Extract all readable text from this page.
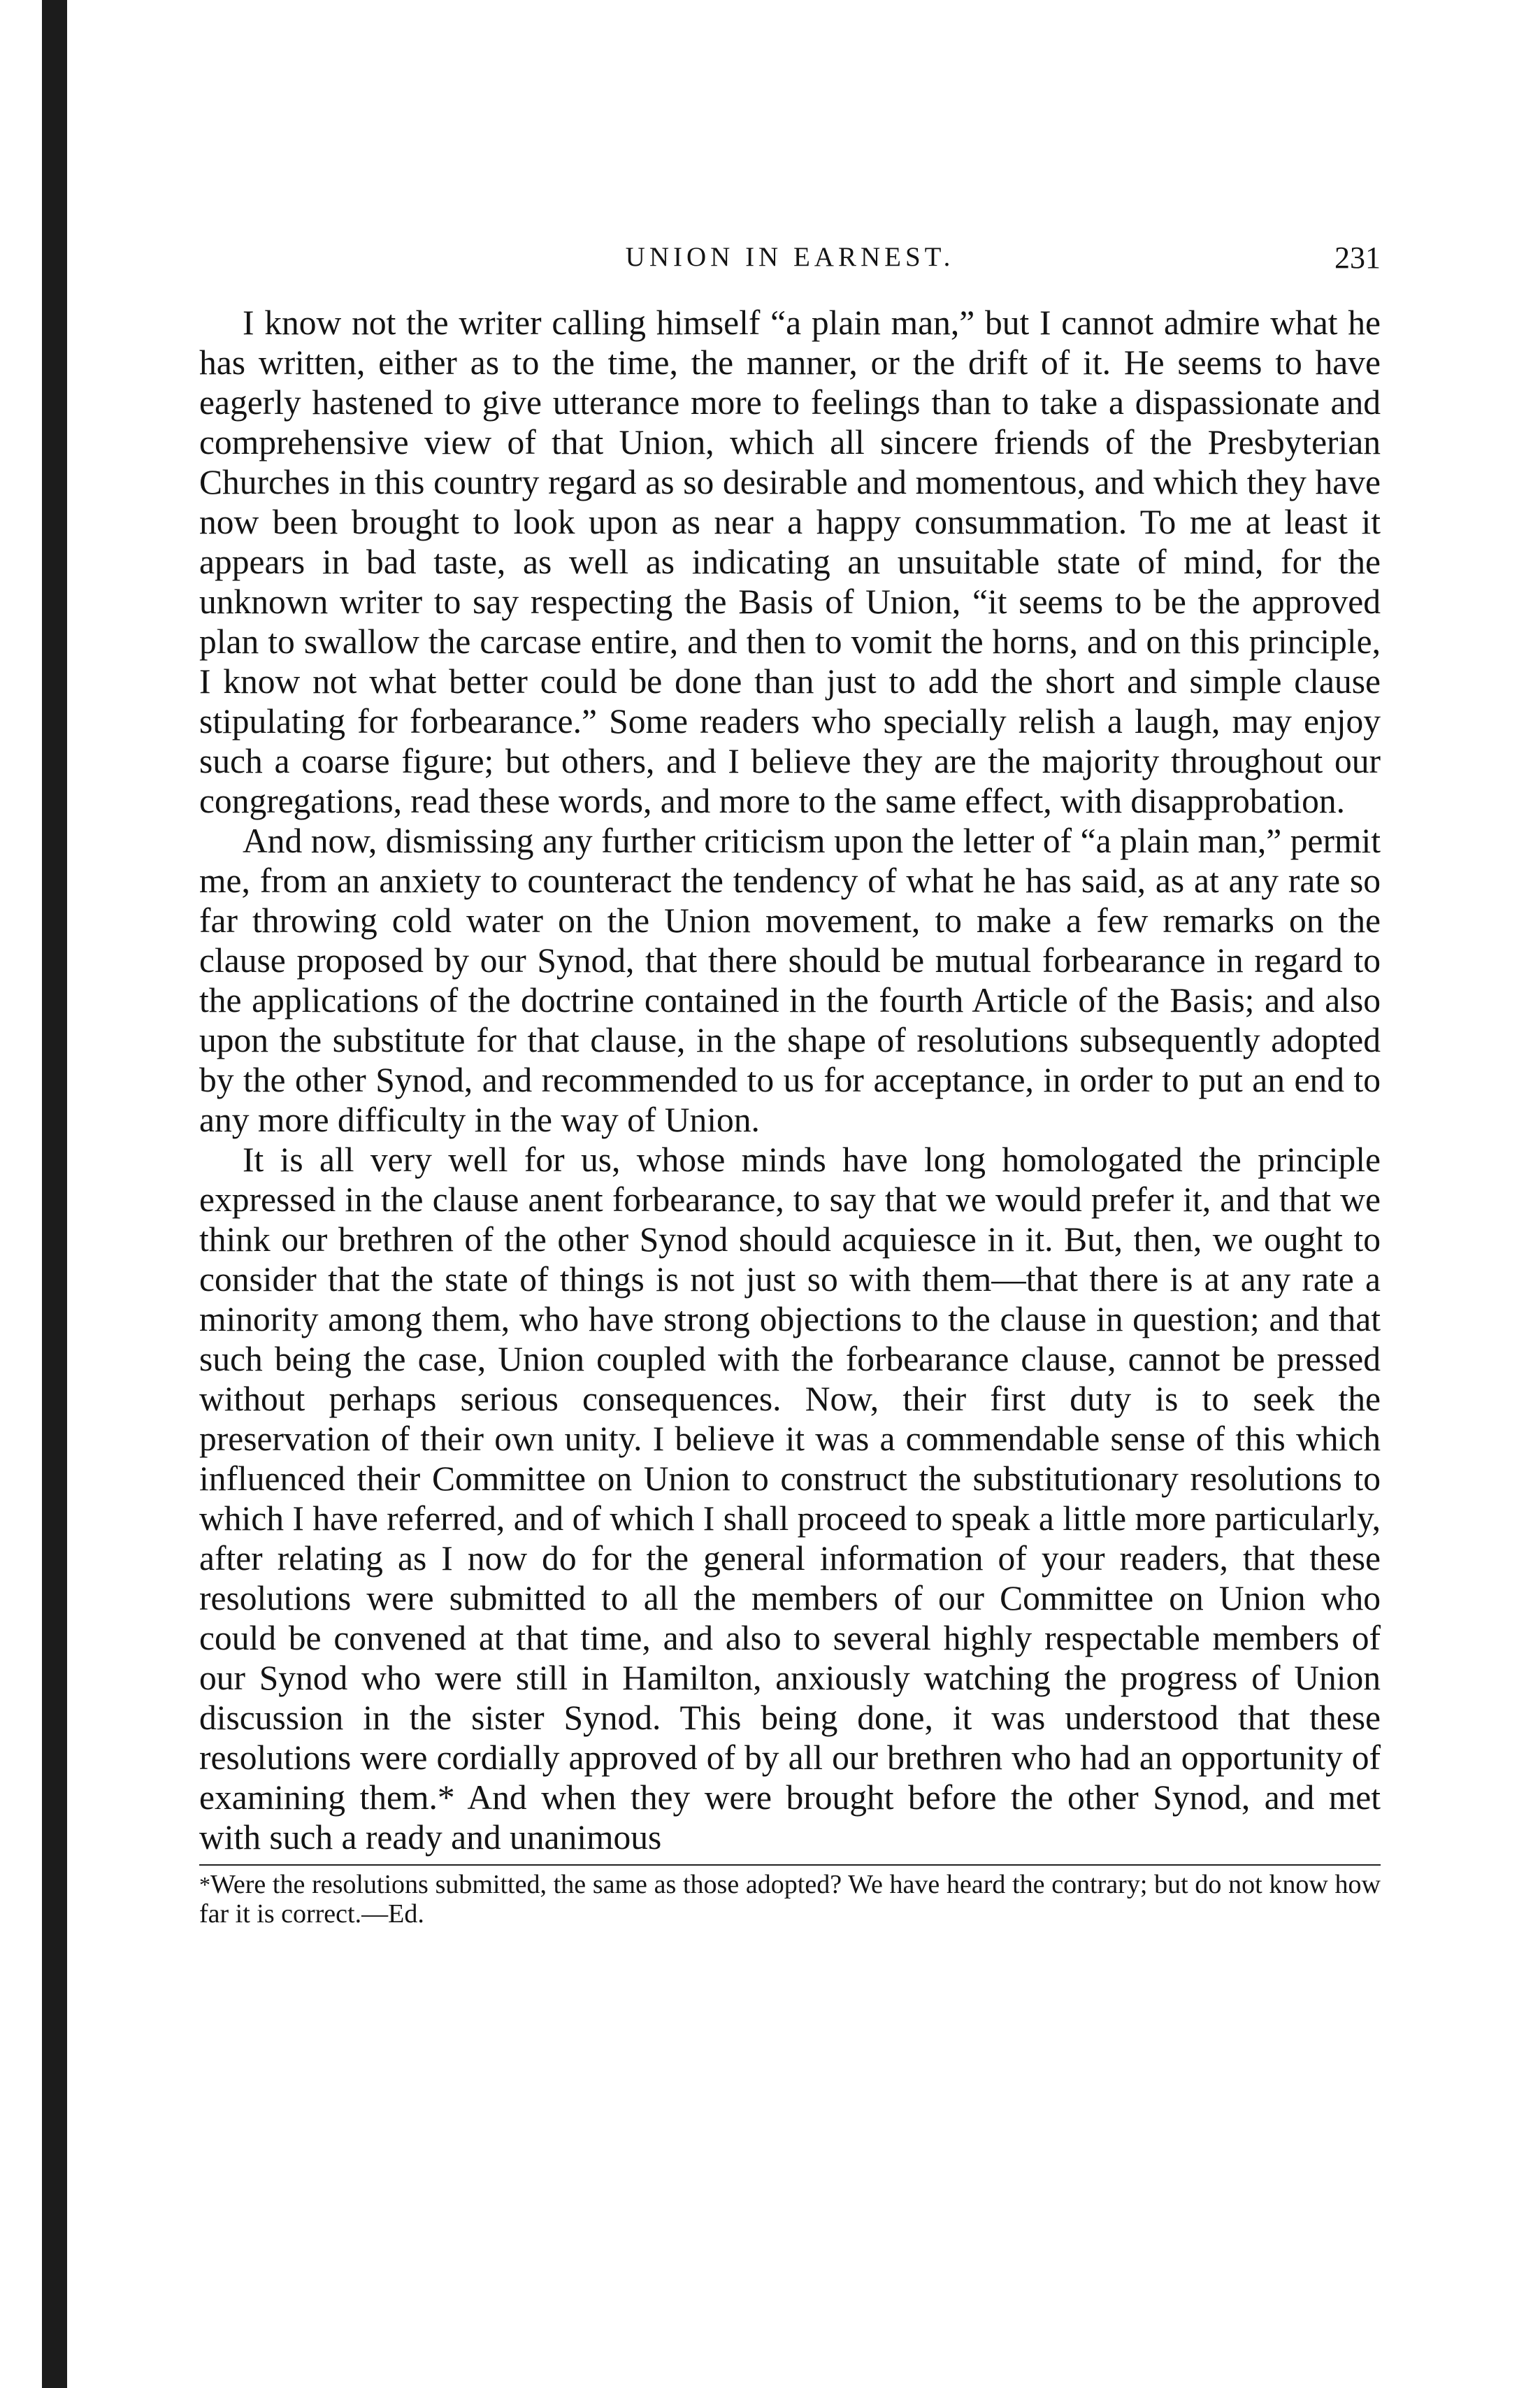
UNION IN EARNEST.	231

I know not the writer calling himself “a plain man,” but I cannot admire what he has written, either as to the time, the manner, or the drift of it. He seems to have eagerly hastened to give utterance more to feelings than to take a dispassionate and comprehensive view of that Union, which all sincere friends of the Presbyterian Churches in this country regard as so desirable and momentous, and which they have now been brought to look upon as near a happy consummation. To me at least it appears in bad taste, as well as indicating an unsuitable state of mind, for the unknown writer to say respecting the Basis of Union, “it seems to be the approved plan to swallow the carcase entire, and then to vomit the horns, and on this principle, I know not what better could be done than just to add the short and simple clause stipulating for forbearance.” Some readers who specially relish a laugh, may enjoy such a coarse figure; but others, and I believe they are the majority throughout our congregations, read these words, and more to the same effect, with disapprobation.

And now, dismissing any further criticism upon the letter of “a plain man,” permit me, from an anxiety to counteract the tendency of what he has said, as at any rate so far throwing cold water on the Union movement, to make a few remarks on the clause proposed by our Synod, that there should be mutual forbearance in regard to the applications of the doctrine contained in the fourth Article of the Basis; and also upon the substitute for that clause, in the shape of resolutions subsequently adopted by the other Synod, and recommended to us for acceptance, in order to put an end to any more difficulty in the way of Union.

It is all very well for us, whose minds have long homologated the principle expressed in the clause anent forbearance, to say that we would prefer it, and that we think our brethren of the other Synod should acquiesce in it. But, then, we ought to consider that the state of things is not just so with them—that there is at any rate a minority among them, who have strong objections to the clause in question; and that such being the case, Union coupled with the forbearance clause, cannot be pressed without perhaps serious consequences. Now, their first duty is to seek the preservation of their own unity. I believe it was a commendable sense of this which influenced their Committee on Union to construct the substitutionary resolutions to which I have referred, and of which I shall proceed to speak a little more particularly, after relating as I now do for the general information of your readers, that these resolutions were submitted to all the members of our Committee on Union who could be convened at that time, and also to several highly respectable members of our Synod who were still in Hamilton, anxiously watching the progress of Union discussion in the sister Synod. This being done, it was understood that these resolutions were cordially approved of by all our brethren who had an opportunity of examining them.* And when they were brought before the other Synod, and met with such a ready and unanimous

*Were the resolutions submitted, the same as those adopted? We have heard the contrary; but do not know how far it is correct.—Ed.
